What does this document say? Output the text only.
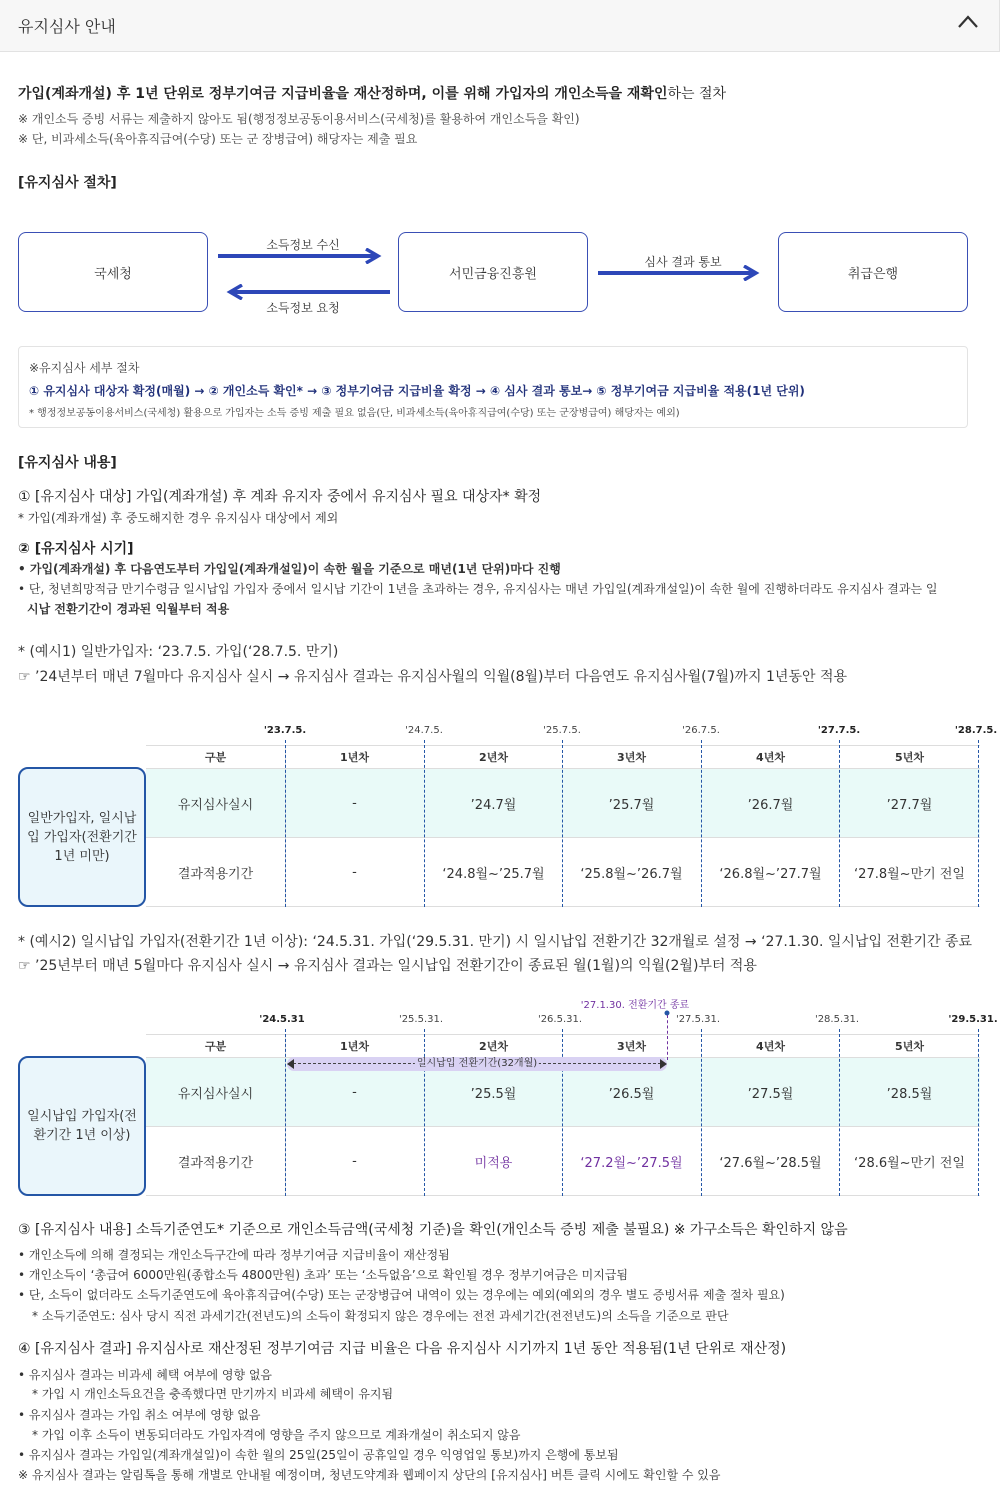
유지심사 안내
가입(계좌개설) 후 1년 단위로 정부기여금 지급비율을 재산정하며, 이를 위해 가입자의 개인소득을 재확인하는 절차
※ 개인소득 증빙 서류는 제출하지 않아도 됨(행정정보공동이용서비스(국세청)를 활용하여 개인소득을 확인)
※ 단, 비과세소득(육아휴직급여(수당) 또는 군 장병급여) 해당자는 제출 필요
[유지심사 절차]
국세청	서민금융진흥원	취급은행
소득정보 수신
소득정보 요청
심사 결과 통보
※유지심사 세부 절차
① 유지심사 대상자 확정(매월) → ② 개인소득 확인* → ③ 정부기여금 지급비율 확정 → ④ 심사 결과 통보→ ⑤ 정부기여금 지급비율 적용(1년 단위)
* 행정정보공동이용서비스(국세청) 활용으로 가입자는 소득 증빙 제출 필요 없음(단, 비과세소득(육아휴직급여(수당) 또는 군장병급여) 해당자는 예외)
[유지심사 내용]
① [유지심사 대상] 가입(계좌개설) 후 계좌 유지자 중에서 유지심사 필요 대상자* 확정
* 가입(계좌개설) 후 중도해지한 경우 유지심사 대상에서 제외
② [유지심사 시기]
• 가입(계좌개설) 후 다음연도부터 가입일(계좌개설일)이 속한 월을 기준으로 매년(1년 단위)마다 진행
• 단, 청년희망적금 만기수령금 일시납입 가입자 중에서 일시납 기간이 1년을 초과하는 경우, 유지심사는 매년 가입일(계좌개설일)이 속한 월에 진행하더라도 유지심사 결과는 일
시납 전환기간이 경과된 익월부터 적용
* (예시1) 일반가입자: ‘23.7.5. 가입(‘28.7.5. 만기)
☞ ’24년부터 매년 7월마다 유지심사 실시 → 유지심사 결과는 유지심사월의 익월(8월)부터 다음연도 유지심사월(7월)까지 1년동안 적용
'23.7.5.	'24.7.5.	'25.7.5.	'26.7.5.	'27.7.5.	'28.7.5.
일반가입자, 일시납입 가입자(전환기간 1년 미만)
구분	1년차	2년차	3년차	4년차	5년차
유지심사실시	-	’24.7월	’25.7월	’26.7월	’27.7월
결과적용기간	-	‘24.8월~’25.7월	‘25.8월~’26.7월	‘26.8월~’27.7월	‘27.8월~만기 전일
* (예시2) 일시납입 가입자(전환기간 1년 이상): ‘24.5.31. 가입(‘29.5.31. 만기) 시 일시납입 전환기간 32개월로 설정 → ‘27.1.30. 일시납입 전환기간 종료
☞ ’25년부터 매년 5월마다 유지심사 실시 → 유지심사 결과는 일시납입 전환기간이 종료된 월(1월)의 익월(2월)부터 적용
'27.1.30. 전환기간 종료
'24.5.31	'25.5.31.	'26.5.31.	'27.5.31.	'28.5.31.	'29.5.31.
일시납입 가입자(전환기간 1년 이상)
구분	1년차	2년차	3년차	4년차	5년차
유지심사실시	-	’25.5월	’26.5월	’27.5월	’28.5월
결과적용기간	-	미적용	‘27.2월~’27.5월	‘27.6월~’28.5월	‘28.6월~만기 전일
일시납입 전환기간(32개월)
③ [유지심사 내용] 소득기준연도* 기준으로 개인소득금액(국세청 기준)을 확인(개인소득 증빙 제출 불필요) ※ 가구소득은 확인하지 않음
• 개인소득에 의해 결정되는 개인소득구간에 따라 정부기여금 지급비율이 재산정됨
• 개인소득이 ‘총급여 6000만원(종합소득 4800만원) 초과’ 또는 ‘소득없음’으로 확인될 경우 정부기여금은 미지급됨
• 단, 소득이 없더라도 소득기준연도에 육아휴직급여(수당) 또는 군장병급여 내역이 있는 경우에는 예외(예외의 경우 별도 증빙서류 제출 절차 필요)
* 소득기준연도: 심사 당시 직전 과세기간(전년도)의 소득이 확정되지 않은 경우에는 전전 과세기간(전전년도)의 소득을 기준으로 판단
④ [유지심사 결과] 유지심사로 재산정된 정부기여금 지급 비율은 다음 유지심사 시기까지 1년 동안 적용됨(1년 단위로 재산정)
• 유지심사 결과는 비과세 혜택 여부에 영향 없음
* 가입 시 개인소득요건을 충족했다면 만기까지 비과세 혜택이 유지됨
• 유지심사 결과는 가입 취소 여부에 영향 없음
* 가입 이후 소득이 변동되더라도 가입자격에 영향을 주지 않으므로 계좌개설이 취소되지 않음
• 유지심사 결과는 가입일(계좌개설일)이 속한 월의 25일(25일이 공휴일일 경우 익영업일 통보)까지 은행에 통보됨
※ 유지심사 결과는 알림톡을 통해 개별로 안내될 예정이며, 청년도약계좌 웹페이지 상단의 [유지심사] 버튼 클릭 시에도 확인할 수 있음
